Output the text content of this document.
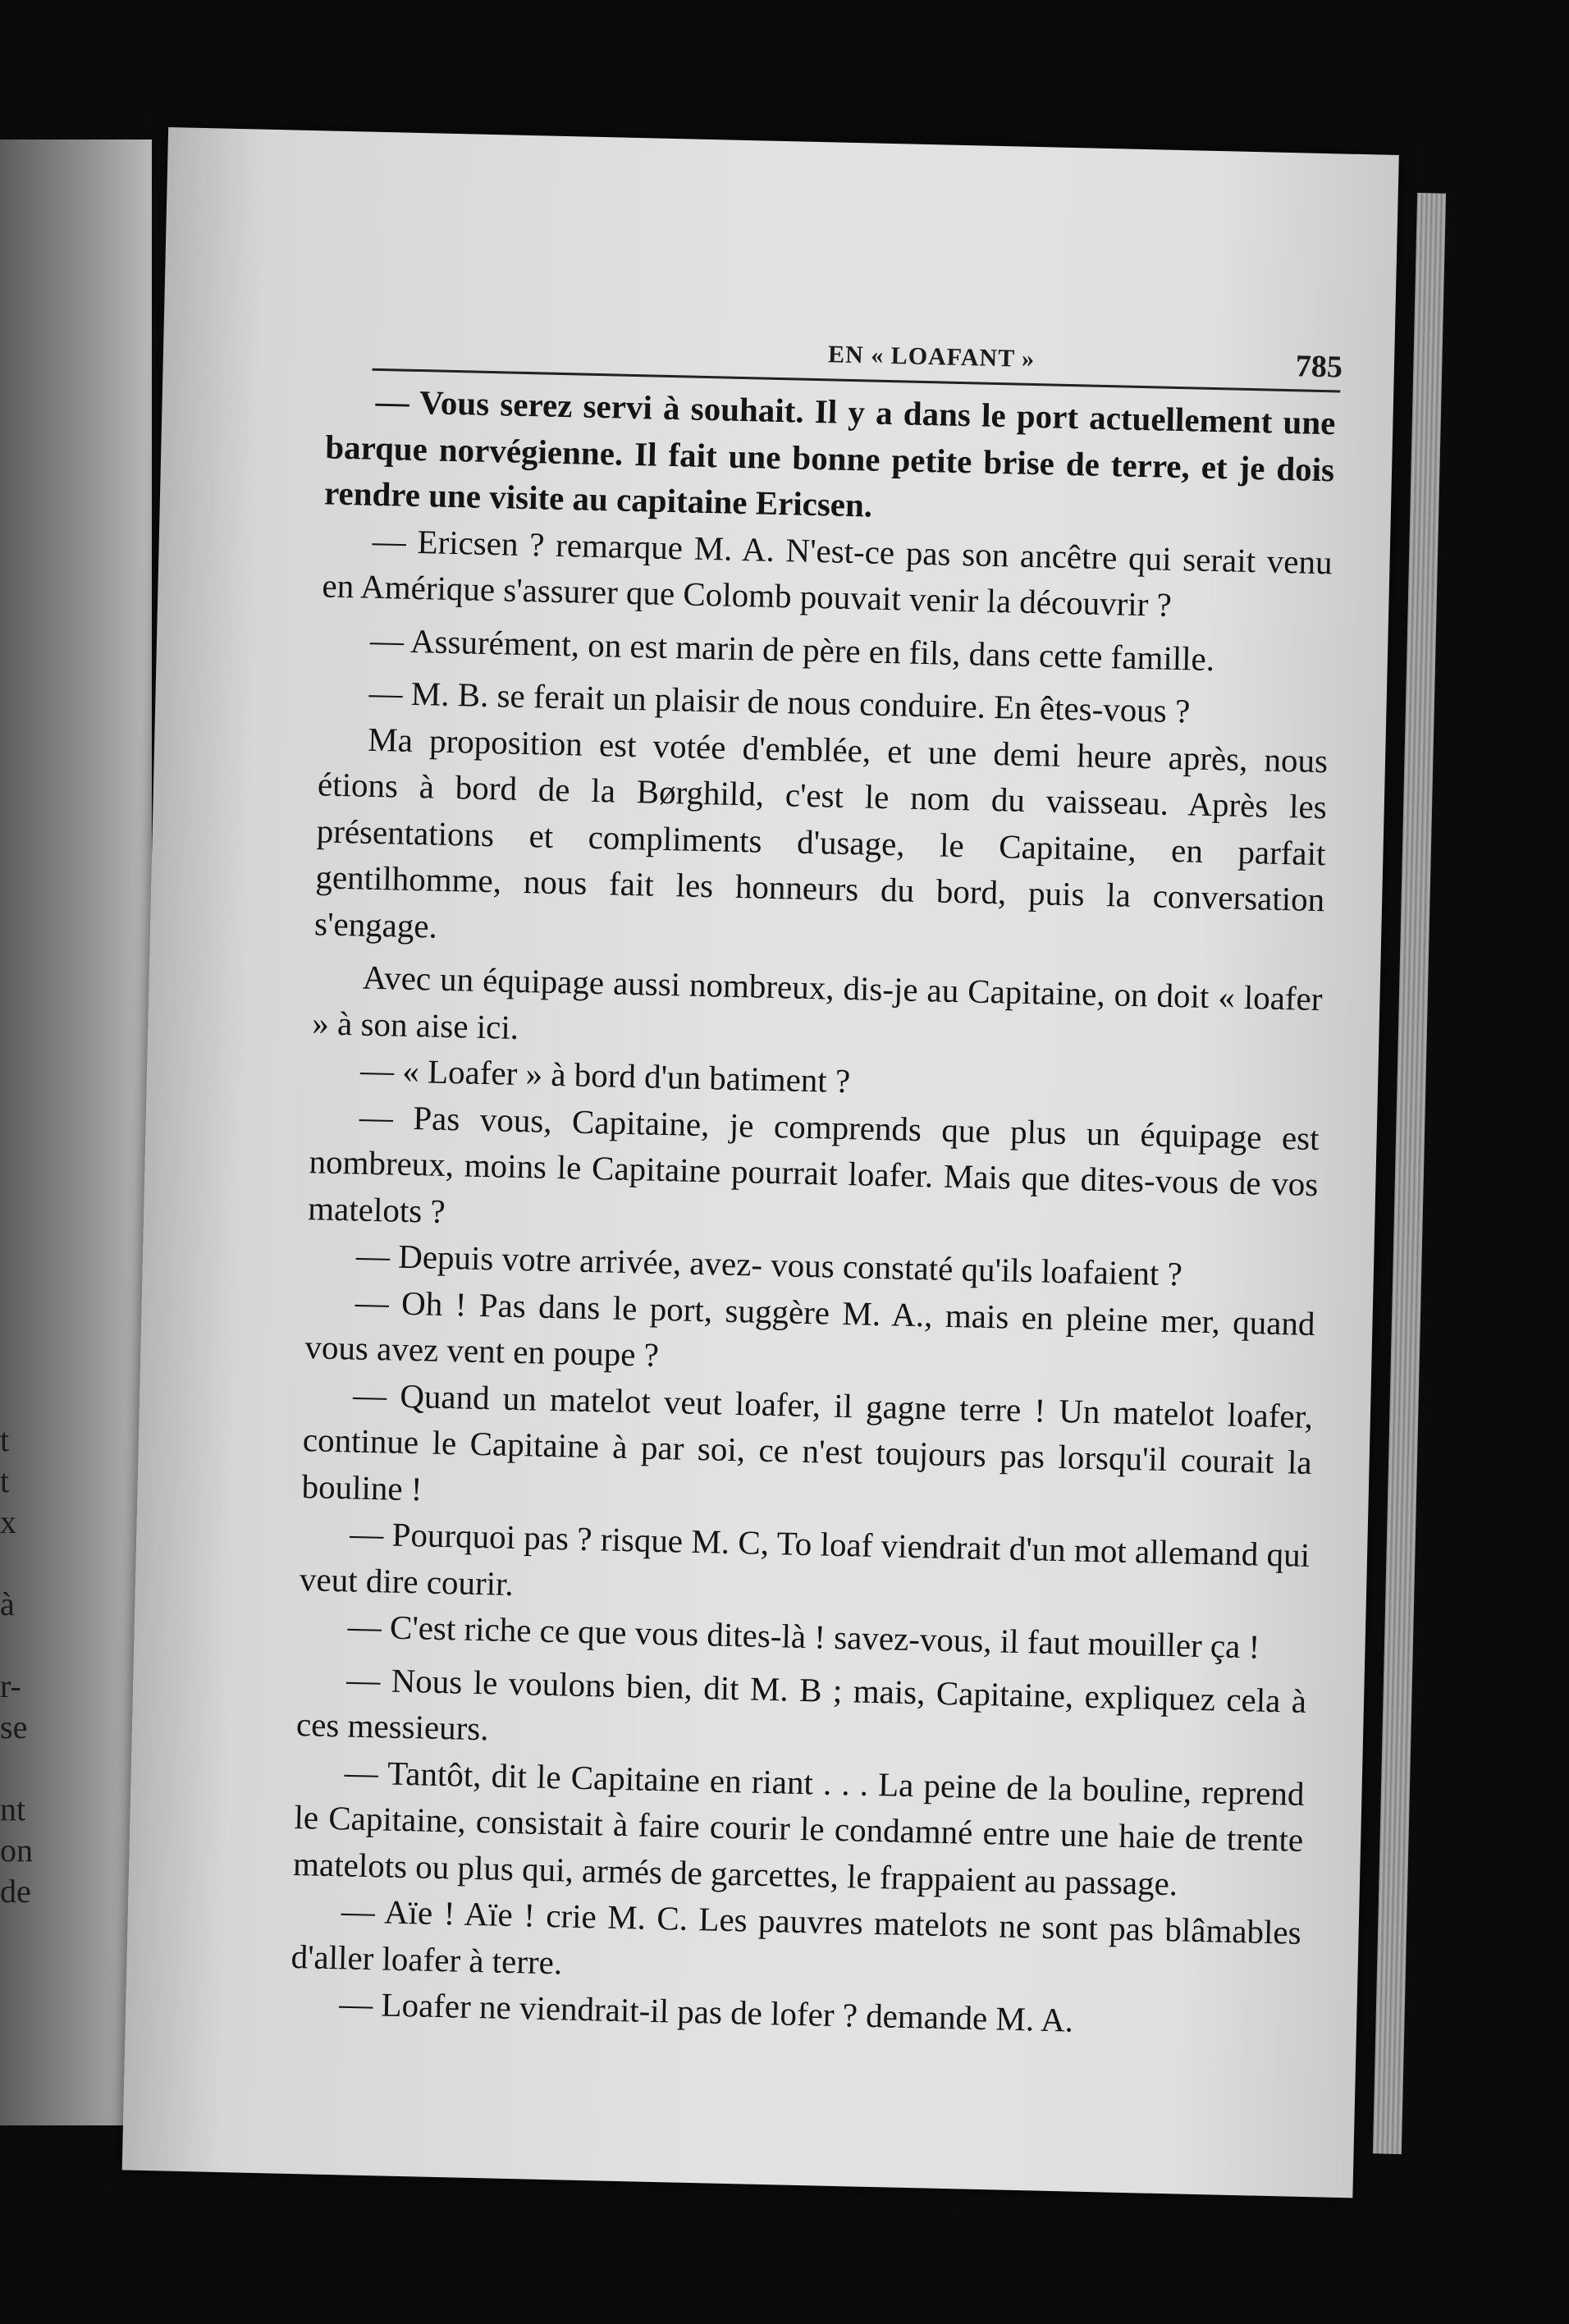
t
t
x
à
r-
se
nt
on
de
EN « LOAFANT »	785

— Vous serez servi à souhait. Il y a dans le port actuellement une barque norvégienne. Il fait une bonne petite brise de terre, et je dois rendre une visite au capitaine Ericsen.

— Ericsen ? remarque M. A. N'est-ce pas son ancêtre qui serait venu en Amérique s'assurer que Colomb pouvait venir la découvrir ?

— Assurément, on est marin de père en fils, dans cette famille.

— M. B. se ferait un plaisir de nous conduire. En êtes-vous ?

Ma proposition est votée d'emblée, et une demi heure après, nous étions à bord de la Børghild, c'est le nom du vaisseau. Après les présentations et compliments d'usage, le Capitaine, en parfait gentilhomme, nous fait les honneurs du bord, puis la conversation s'engage.

Avec un équipage aussi nombreux, dis-je au Capitaine, on doit « loafer » à son aise ici.

— « Loafer » à bord d'un batiment ?

— Pas vous, Capitaine, je comprends que plus un équipage est nombreux, moins le Capitaine pourrait loafer. Mais que dites-vous de vos matelots ?

— Depuis votre arrivée, avez- vous constaté qu'ils loafaient ?

— Oh ! Pas dans le port, suggère M. A., mais en pleine mer, quand vous avez vent en poupe ?

— Quand un matelot veut loafer, il gagne terre ! Un matelot loafer, continue le Capitaine à par soi, ce n'est toujours pas lorsqu'il courait la bouline !

— Pourquoi pas ? risque M. C, To loaf viendrait d'un mot allemand qui veut dire courir.

— C'est riche ce que vous dites-là ! savez-vous, il faut mouiller ça !

— Nous le voulons bien, dit M. B ; mais, Capitaine, expliquez cela à ces messieurs.

— Tantôt, dit le Capitaine en riant . . . La peine de la bouline, reprend le Capitaine, consistait à faire courir le condamné entre une haie de trente matelots ou plus qui, armés de garcettes, le frappaient au passage.

— Aïe ! Aïe ! crie M. C. Les pauvres matelots ne sont pas blâmables d'aller loafer à terre.

— Loafer ne viendrait-il pas de lofer ? demande M. A.
